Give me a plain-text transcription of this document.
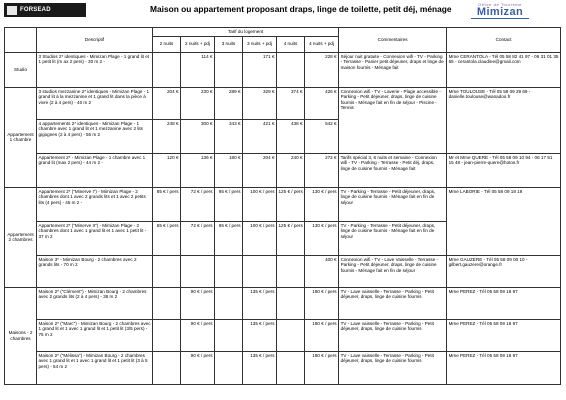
FORSEAD	Maison ou appartement proposant draps, linge de toilette, petit déj, ménage	Office de Tourisme
Mimizan
	Descriptif	Tarif du logement						Commentaires	Contact
		2 nuits	2 nuits + pdj	3 nuits	3 nuits + pdj	4 nuits	4 nuits + pdj		
Studio	3 Studios 2* identiques - Mimizan Plage - 1 grand lit et 1 petit lit (m ax 2 pers) - 30 m 2 -		114 €		171 €		228 €	Séjour nuit gratuite - Connexion wifi - TV - Parking - Terrasse - Panier petit déjeuner, draps et linge de maison fournis - Ménage fait	Mme CERANTOLA - Tél 05 58 82 41 97 - 06 31 01 35 55 - cerantola.claudine@gmail.com
Appartement 1 chambre	3 studios mezzanine 2* identiques - Mimizan Plage - 1 grand lit à la mezzanine et 1 grand lit dans la pièce à vivre (2 à 4 pers) - 40 m 2	204 €	230 €	289 €	329 €	374 €	426 €	Connexion wifi - TV - Laverie - Plage accessible - Parking - Petit déjeuner, draps, linge de cuisine fournis - Ménage fait en fin de séjour - Piscine - Tennis	Mme TOULOUSE - Tél 05 58 09 29 69 - danielle.toulouse@wanadoo.fr
	4 appartements 2* identiques - Mimizan Plage - 1 chambre avec 1 grand lit et 1 mezzanine avec 2 lits gigognes (2 à 4 pers) - 55 m 2	248 €	300 €	343 €	421 €	438 €	542 €		
	Appartement 2* - Mimizan Plage - 1 chambre avec 1 grand lit (max 2 pers) - 44 m 2 -	120 €	136 €	180 €	204 €	240 €	272 €	Tarifs spécial 3, 6 nuits et semaine - Connexion wifi - TV - Parking - Terrasse - Petit déj, draps, linge de cuisine fournis - Ménage fait	Mr et Mme QUERE - Tél 05 58 09 10 94 - 06 17 91 15 48 - jean-pierre-quere@hotos.fr
Appartement 2 chambres	Appartement 2* ("Minerve I") - Mimizan Plage - 2 chambres dont 1 avec 2 grands lits et 1 avec 2 petits lits (4 pers) - 45 m 2 -	85 € / pers	72 € / pers	95 € / pers	100 € / pers	125 € / pers	130 € / pers	TV - Parking - Terrasse - Petit déjeuner, draps, linge de cuisine fournis - Ménage fait en fin de séjour	Mme LABORIE - Tél 05 58 09 18 19
	Appartement 2* ("Minerve II") - Mimizan Plage - 2 chambres dont 1 avec 1 grand lit et 1 avec 1 petit lit - 37 m 2	65 € / pers	72 € / pers	95 € / pers	100 € / pers	125 € / pers	130 € / pers	TV - Parking - Terrasse - Petit déjeuner, draps, linge de cuisine fournis - Ménage fait en fin de séjour	
	Maison 3* - Mimizan Bourg - 2 chambres avec 2 grands lits - 70 m 2						400 €	Connexion wifi - TV - Lave Vaisselle - Terrasse - Parking - Petit déjeuner, draps, linge de cuisine fournis - Ménage fait en fin de séjour	Mme GAUZERE - Tél 05 58 09 00 10 - gilbert.gauzere@orange.fr
Maisons - 2 chambres	Maison 2* ("Clément") - Mimizan Bourg - 2 chambres avec 2 grands lits (2 à 4 pers) - 38 m 2		90 € / pers		135 € / pers		180 € / pers	TV - Lave vaisselle - Terrasse - Parking - Petit déjeuner, draps, linge de cuisine fournis	Mme PEREZ - Tél 05 58 09 18 97
	Maison 2* ("Marc") - Mimizan Bourg - 2 chambres avec 1 grand lit et 1 avec 1 grand lit et 1 petit lit (3/5 pers) - 75 m 2		90 € / pers		135 € / pers		180 € / pers	TV - Lave vaisselle - Terrasse - Parking - Petit déjeuner, draps, linge de cuisine fournis	Mme PEREZ - Tél 05 58 09 18 97
	Maison 2* ("Mélissa") - Mimizan Bourg - 2 chambres avec 1 grand lit et 1 avec 1 grand lit et 1 petit lit (3 à 5 pers) - 54 m 2		90 € / pers		135 € / pers		180 € / pers	TV - Lave vaisselle - Terrasse - Parking - Petit déjeuner, draps, linge de cuisine fournis	Mme PEREZ - Tél 05 58 09 18 97
